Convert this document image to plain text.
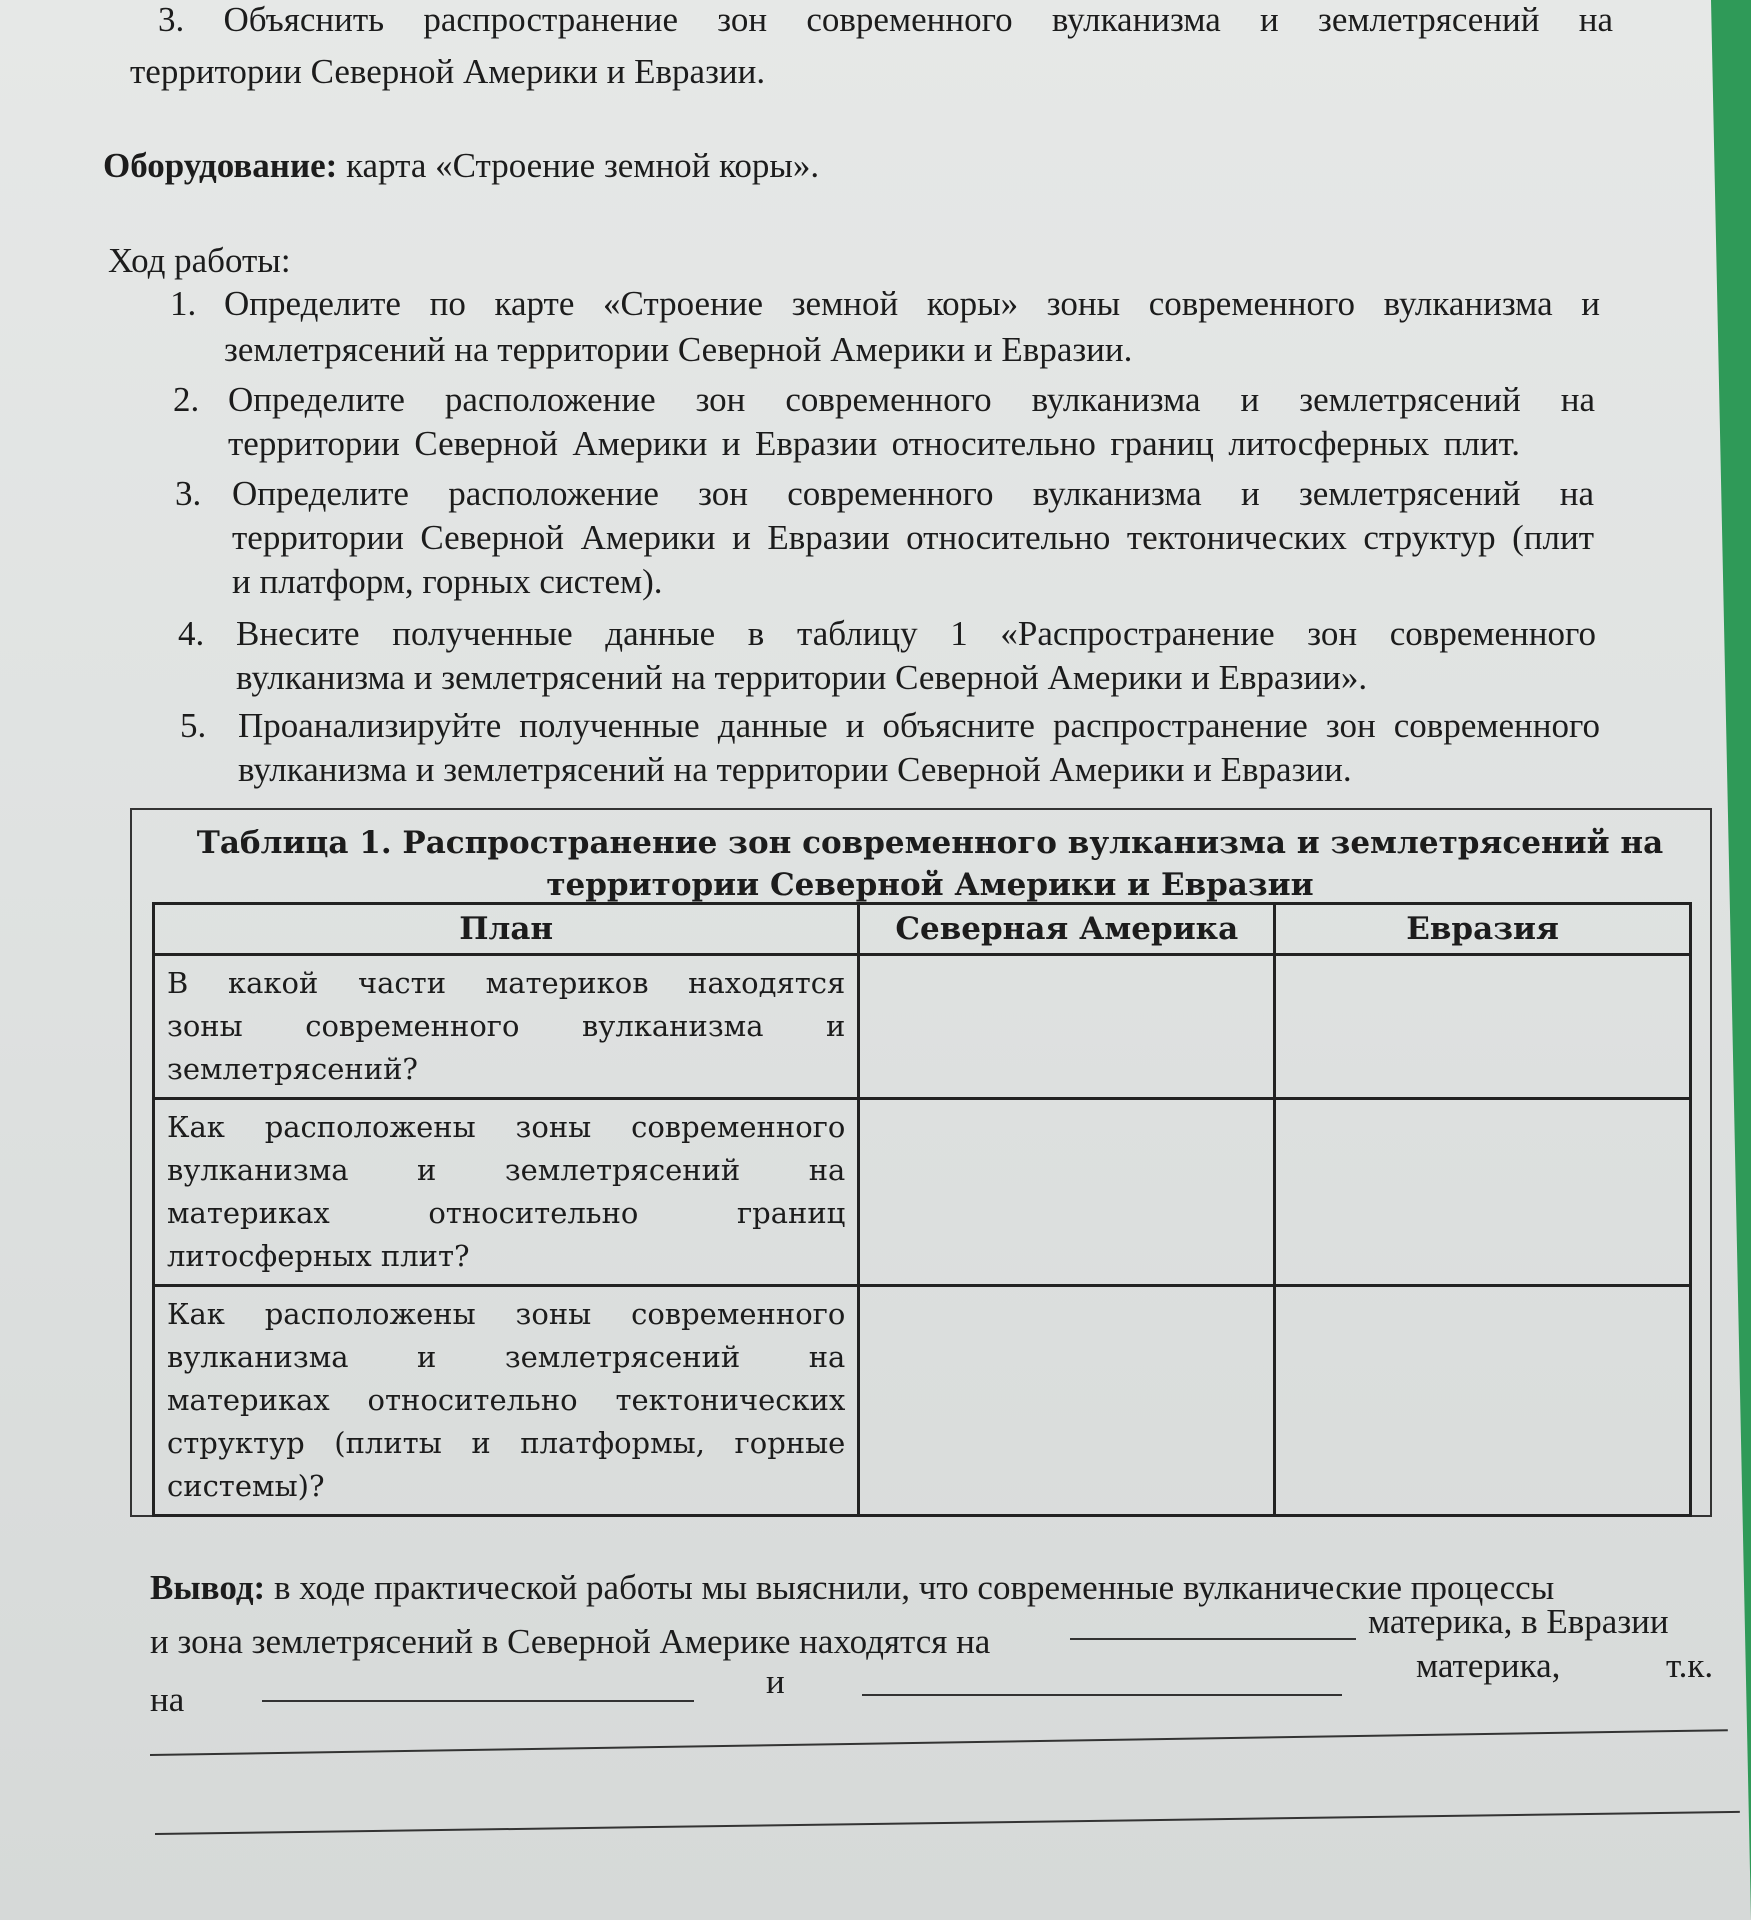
3. Объяснить распространение зон современного вулканизма и землетрясений на
территории Северной Америки и Евразии.
Оборудование: карта «Строение земной коры».
Ход работы:
1. Определите по карте «Строение земной коры» зоны современного вулканизма и
землетрясений на территории Северной Америки и Евразии.
2. Определите расположение зон современного вулканизма и землетрясений на
территории Северной Америки и Евразии относительно границ литосферных плит.
3. Определите расположение зон современного вулканизма и землетрясений на
территории Северной Америки и Евразии относительно тектонических структур (плит
и платформ, горных систем).
4. Внесите полученные данные в таблицу 1 «Распространение зон современного
вулканизма и землетрясений на территории Северной Америки и Евразии».
5. Проанализируйте полученные данные и объясните распространение зон современного
вулканизма и землетрясений на территории Северной Америки и Евразии.
Таблица 1. Распространение зон современного вулканизма и землетрясений на
территории Северной Америки и Евразии
План	Северная Америка	Евразия

В какой части материков находятся
зоны современного вулканизма и
землетрясений?		

Как расположены зоны современного
вулканизма и землетрясений на
материках относительно границ
литосферных плит?		

Как расположены зоны современного
вулканизма и землетрясений на
материках относительно тектонических
структур (плиты и платформы, горные
системы)?		

Вывод: в ходе практической работы мы выяснили, что современные вулканические процессы
и зона землетрясений в Северной Америке находятся на
материка, в Евразии
на	и	материка,	т.к.
